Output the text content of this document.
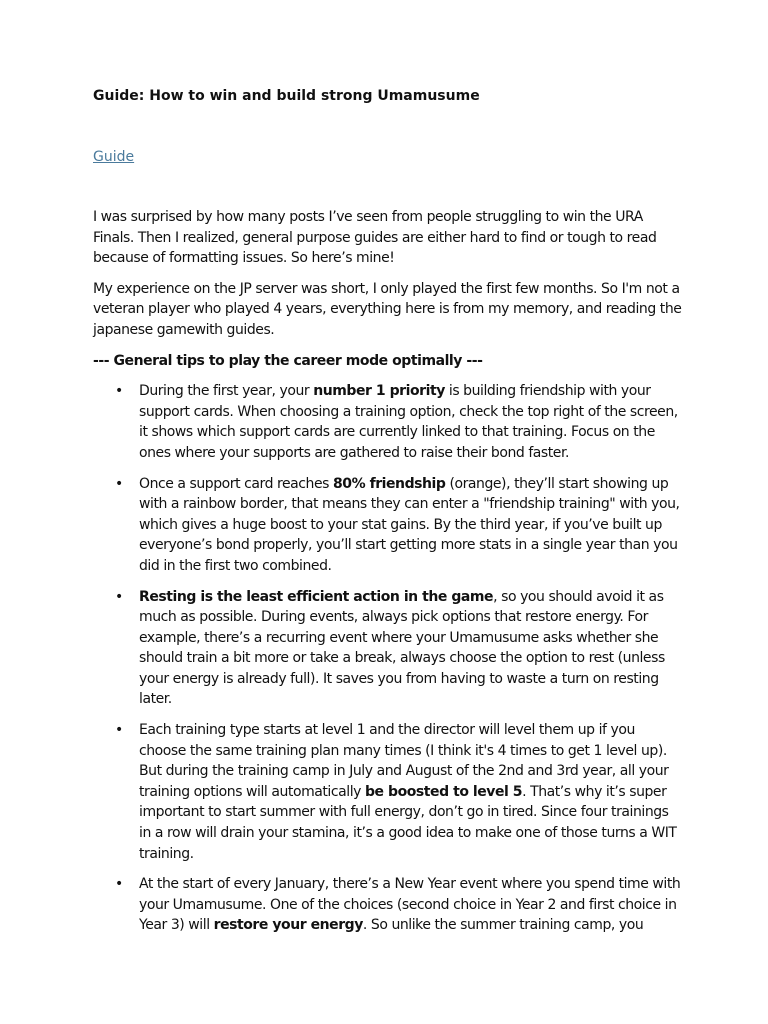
Guide: How to win and build strong Umamusume
Guide

I was surprised by how many posts I’ve seen from people struggling to win the URA Finals. Then I realized, general purpose guides are either hard to find or tough to read because of formatting issues. So here’s mine!

My experience on the JP server was short, I only played the first few months. So I'm not a veteran player who played 4 years, everything here is from my memory, and reading the japanese gamewith guides.

--- General tips to play the career mode optimally ---
• During the first year, your number 1 priority is building friendship with your support cards. When choosing a training option, check the top right of the screen, it shows which support cards are currently linked to that training. Focus on the ones where your supports are gathered to raise their bond faster.
• Once a support card reaches 80% friendship (orange), they’ll start showing up with a rainbow border, that means they can enter a "friendship training" with you, which gives a huge boost to your stat gains. By the third year, if you’ve built up everyone’s bond properly, you’ll start getting more stats in a single year than you did in the first two combined.
• Resting is the least efficient action in the game, so you should avoid it as much as possible. During events, always pick options that restore energy. For example, there’s a recurring event where your Umamusume asks whether she should train a bit more or take a break, always choose the option to rest (unless your energy is already full). It saves you from having to waste a turn on resting later.
• Each training type starts at level 1 and the director will level them up if you choose the same training plan many times (I think it's 4 times to get 1 level up). But during the training camp in July and August of the 2nd and 3rd year, all your training options will automatically be boosted to level 5. That’s why it’s super important to start summer with full energy, don’t go in tired. Since four trainings in a row will drain your stamina, it’s a good idea to make one of those turns a WIT training.
• At the start of every January, there’s a New Year event where you spend time with your Umamusume. One of the choices (second choice in Year 2 and first choice in Year 3) will restore your energy. So unlike the summer training camp, you
